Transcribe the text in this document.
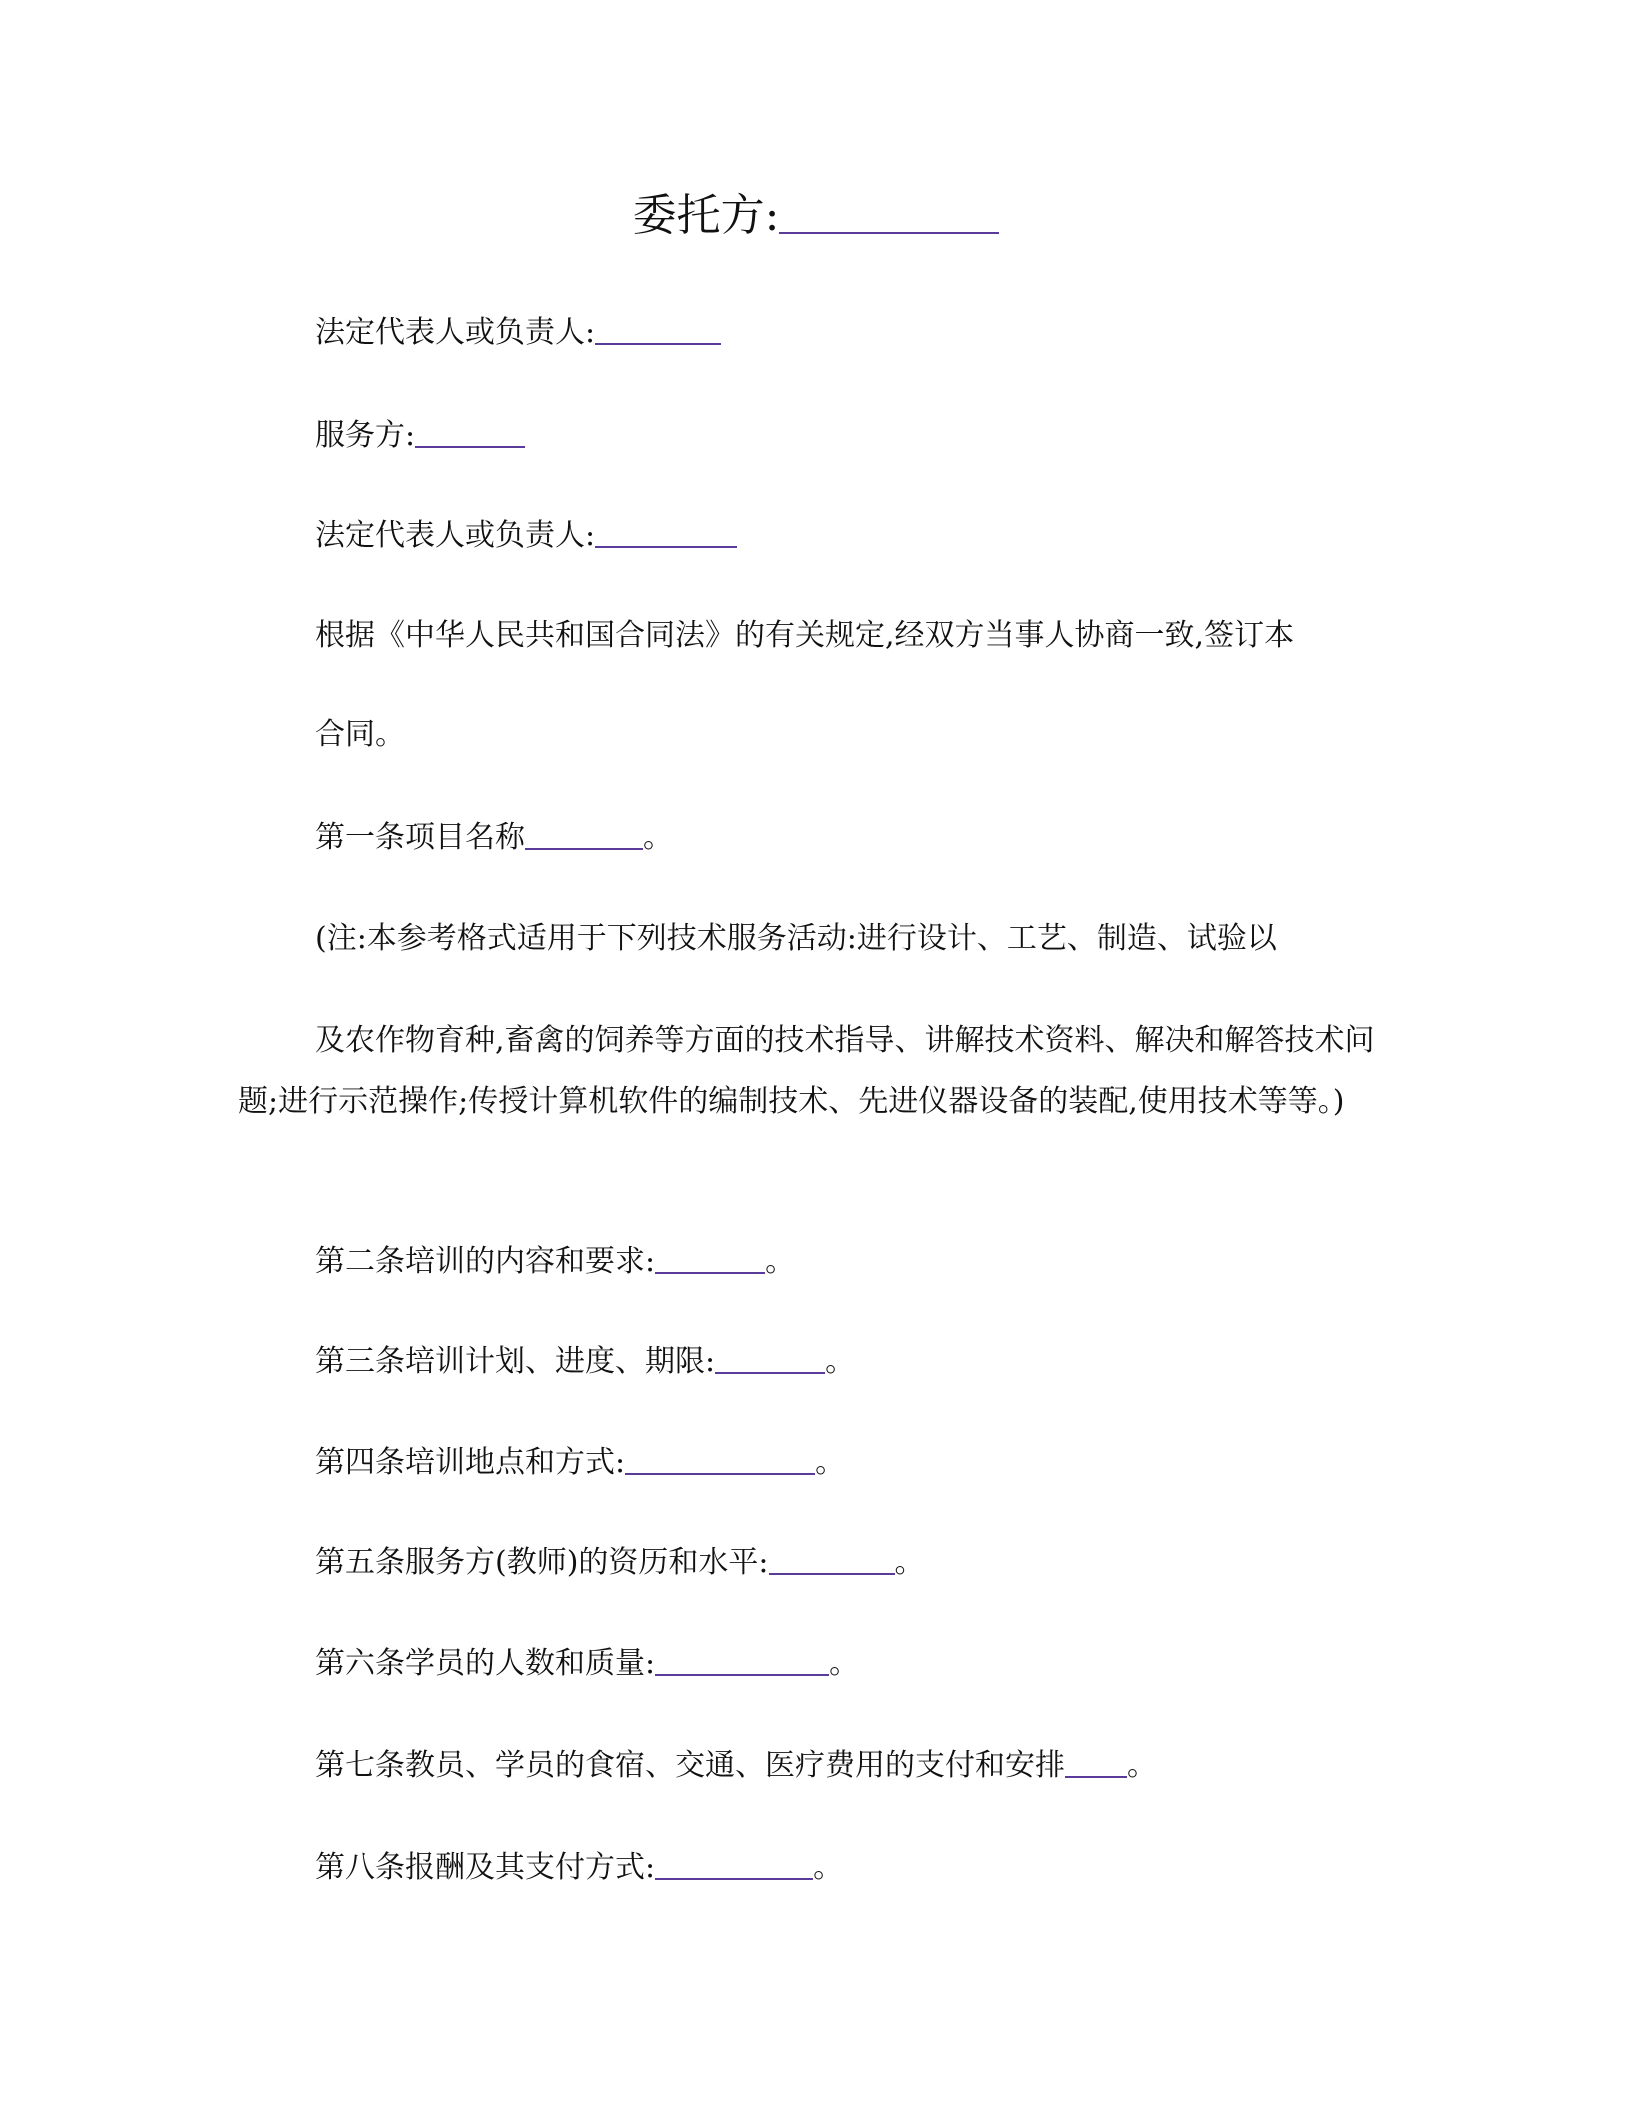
委托方:
法定代表人或负责人:
服务方:
法定代表人或负责人:
根据《中华人民共和国合同法》的有关规定,经双方当事人协商一致,签订本
合同。
第一条项目名称	。
(注:本参考格式适用于下列技术服务活动:进行设计、工艺、制造、试验以
及农作物育种,畜禽的饲养等方面的技术指导、讲解技术资料、解决和解答技术问题;进行示范操作;传授计算机软件的编制技术、先进仪器设备的装配,使用技术等等。)
第二条培训的内容和要求:	。
第三条培训计划、进度、期限:	。
第四条培训地点和方式:	。
第五条服务方(教师)的资历和水平:	。
第六条学员的人数和质量:	。
第七条教员、学员的食宿、交通、医疗费用的支付和安排 。
第八条报酬及其支付方式:	。
